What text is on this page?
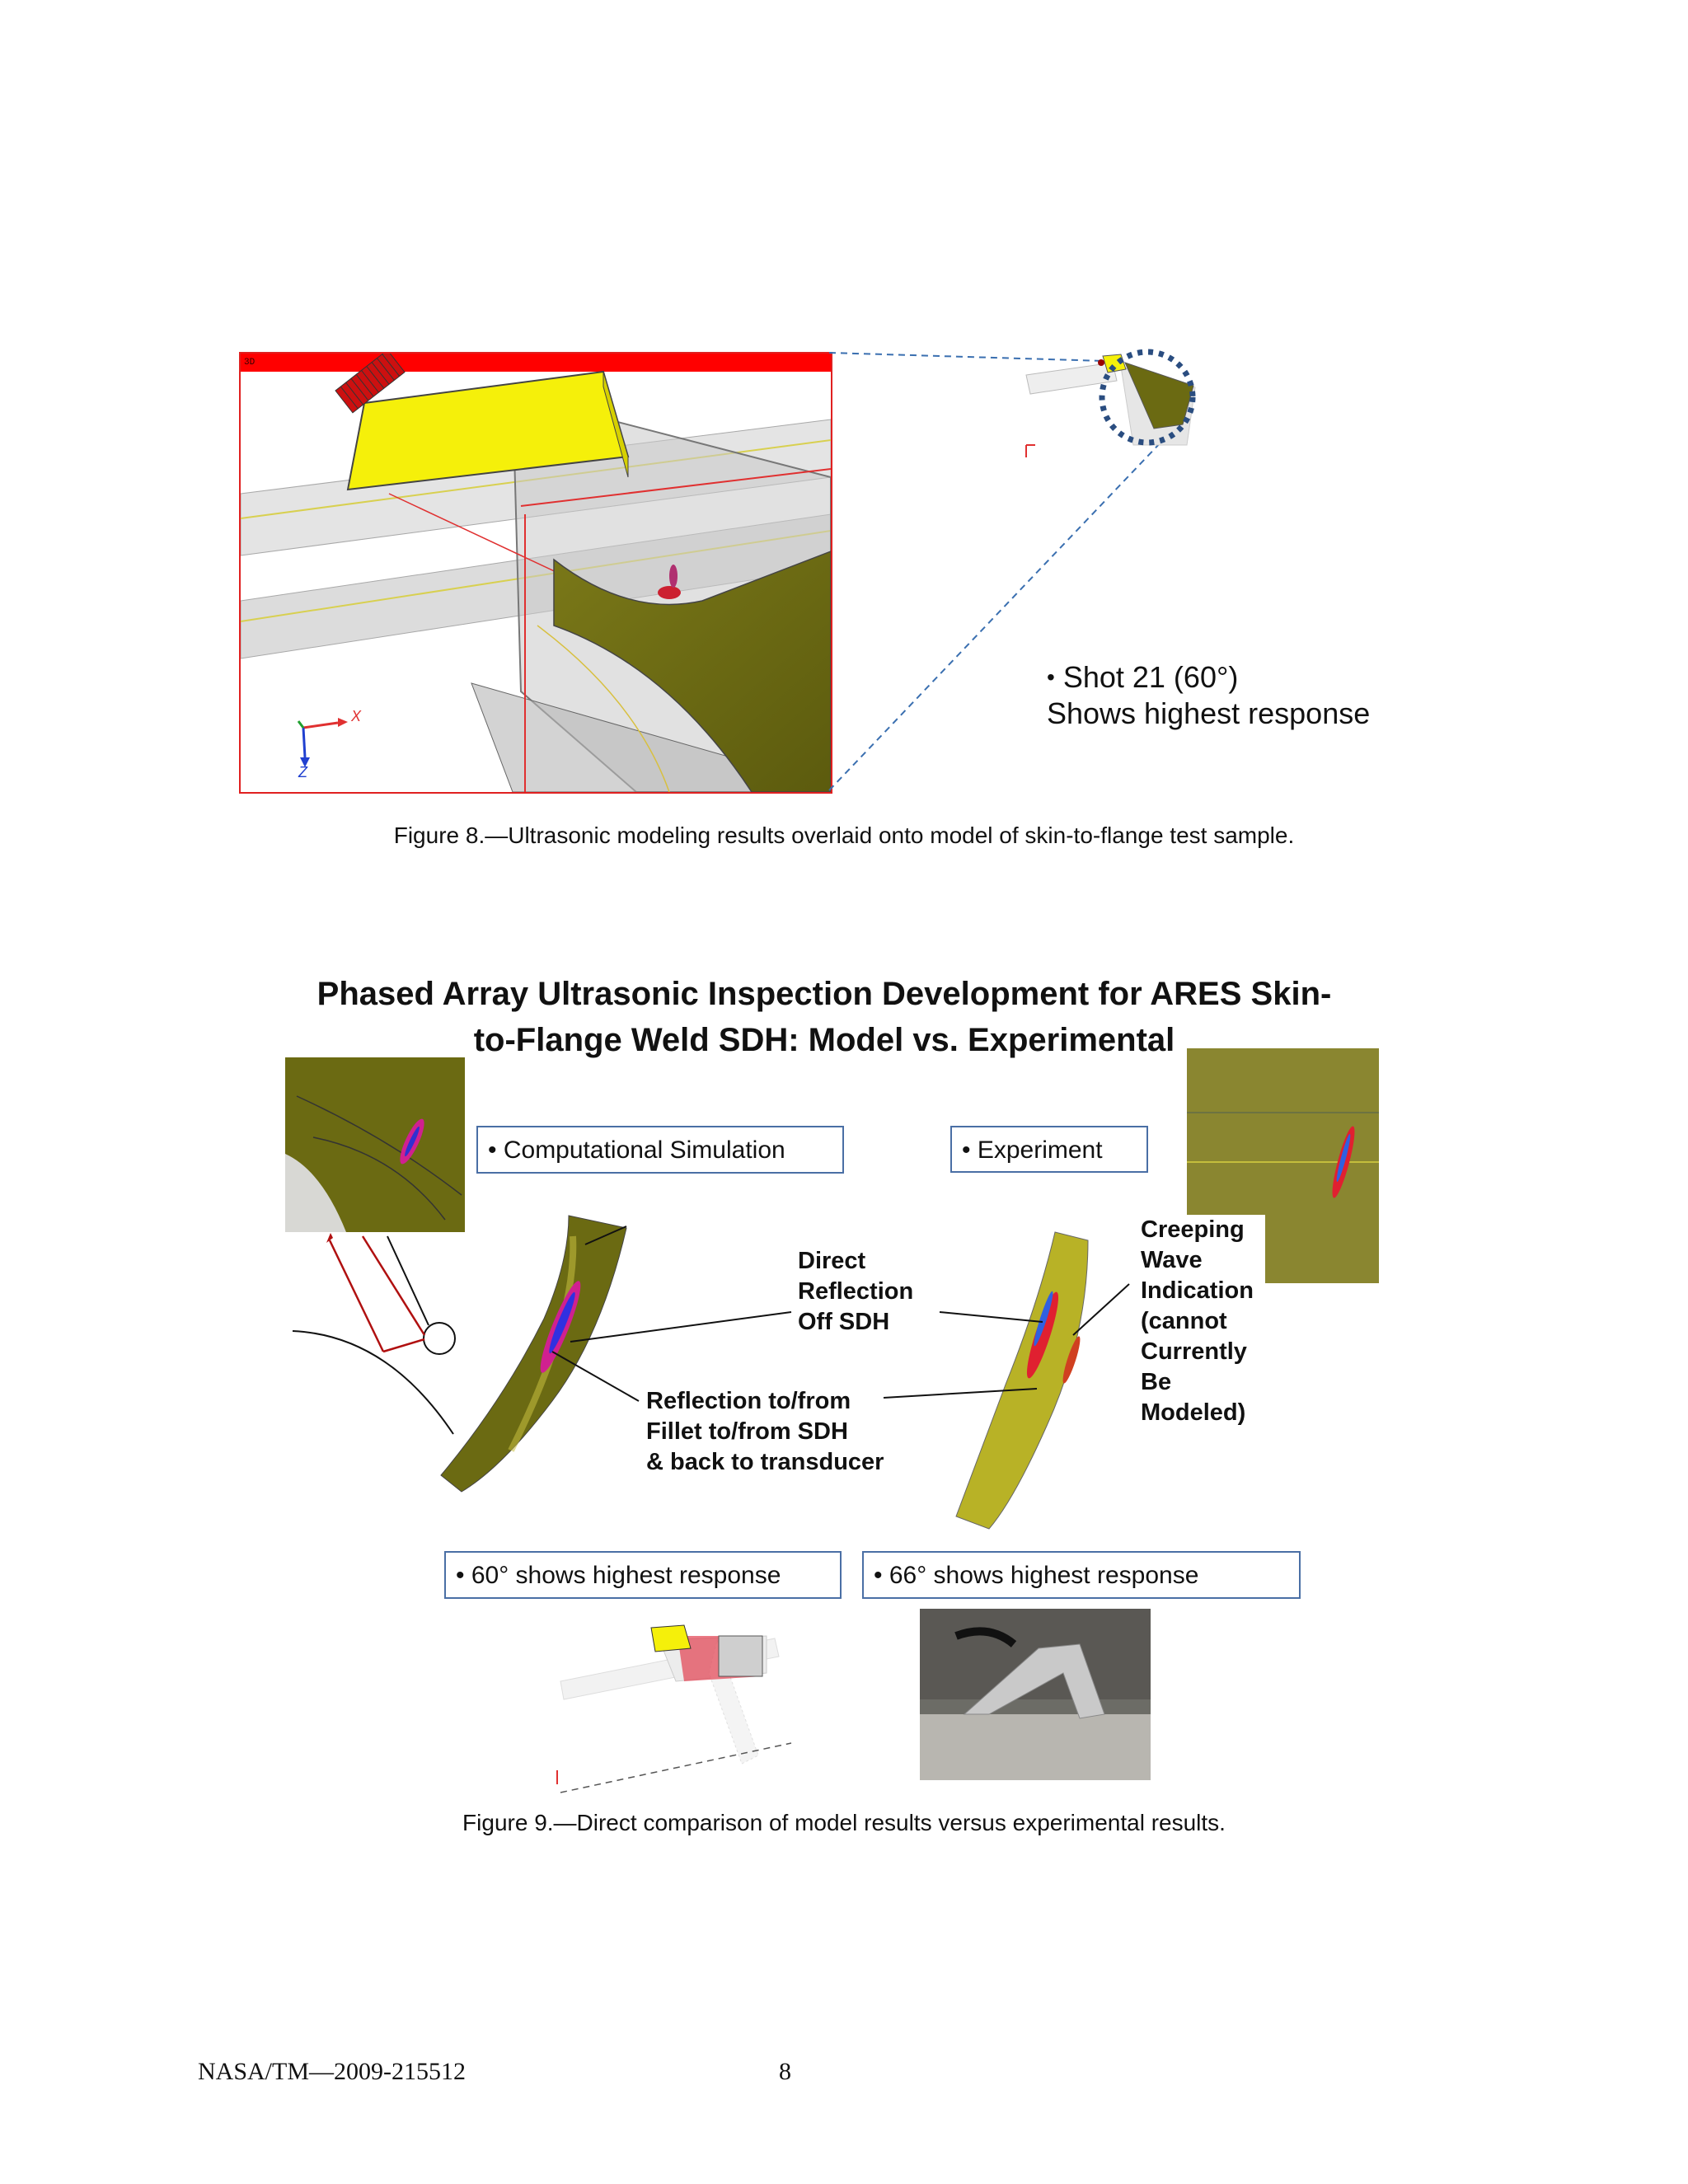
3D
X
Z
• Shot 21 (60°)
Shows highest response
Figure 8.—Ultrasonic modeling results overlaid onto model of skin-to-flange test sample.
Phased Array Ultrasonic Inspection Development for ARES Skin-
to-Flange Weld SDH: Model vs. Experimental
• Computational Simulation	• Experiment
Direct
Reflection
Off SDH
Reflection to/from
Fillet to/from SDH
& back to transducer
Creeping
Wave
Indication
(cannot
Currently
Be
Modeled)
• 60° shows highest response	• 66° shows highest response
Figure 9.—Direct comparison of model results versus experimental results.
NASA/TM—2009-215512	8
